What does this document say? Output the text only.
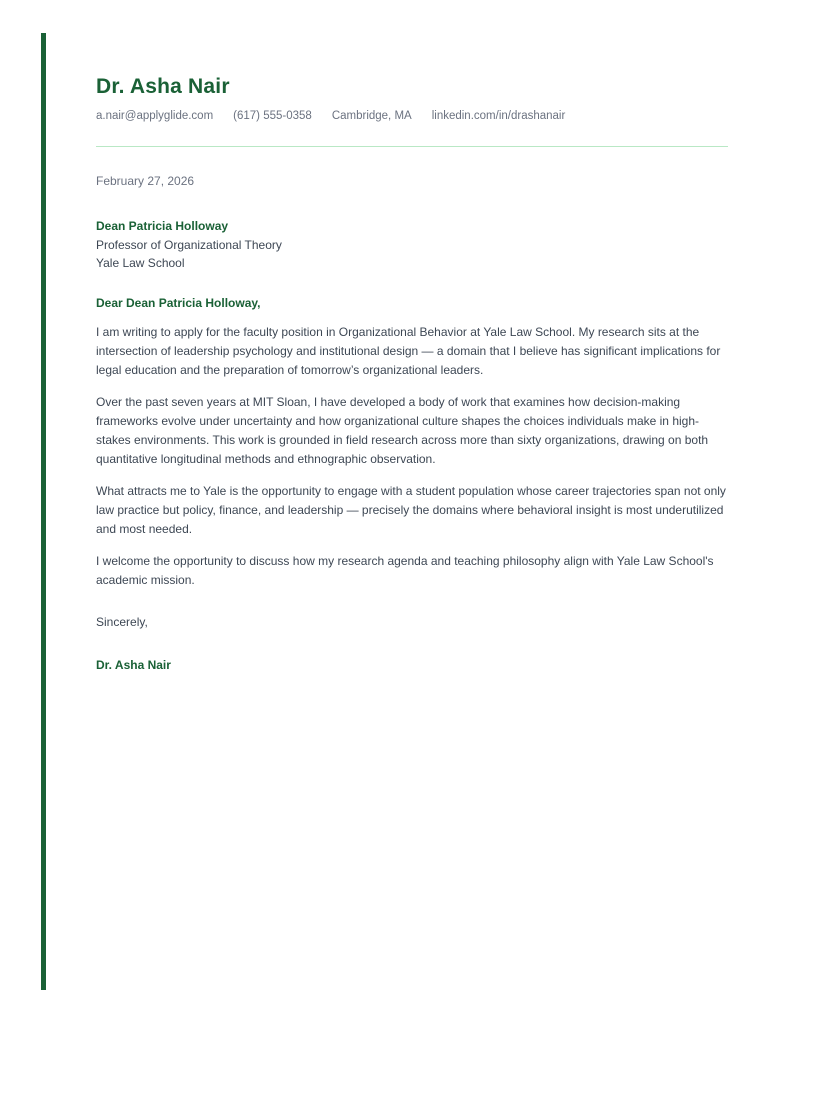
Dr. Asha Nair
a.nair@applyglide.com (617) 555-0358 Cambridge, MA linkedin.com/in/drashanair
February 27, 2026
Dean Patricia Holloway
Professor of Organizational Theory
Yale Law School
Dear Dean Patricia Holloway,

I am writing to apply for the faculty position in Organizational Behavior at Yale Law School. My research sits at the intersection of leadership psychology and institutional design — a domain that I believe has significant implications for legal education and the preparation of tomorrow’s organizational leaders.

Over the past seven years at MIT Sloan, I have developed a body of work that examines how decision-making frameworks evolve under uncertainty and how organizational culture shapes the choices individuals make in high-stakes environments. This work is grounded in field research across more than sixty organizations, drawing on both quantitative longitudinal methods and ethnographic observation.

What attracts me to Yale is the opportunity to engage with a student population whose career trajectories span not only law practice but policy, finance, and leadership — precisely the domains where behavioral insight is most underutilized and most needed.

I welcome the opportunity to discuss how my research agenda and teaching philosophy align with Yale Law School's academic mission.

Sincerely,
Dr. Asha Nair
